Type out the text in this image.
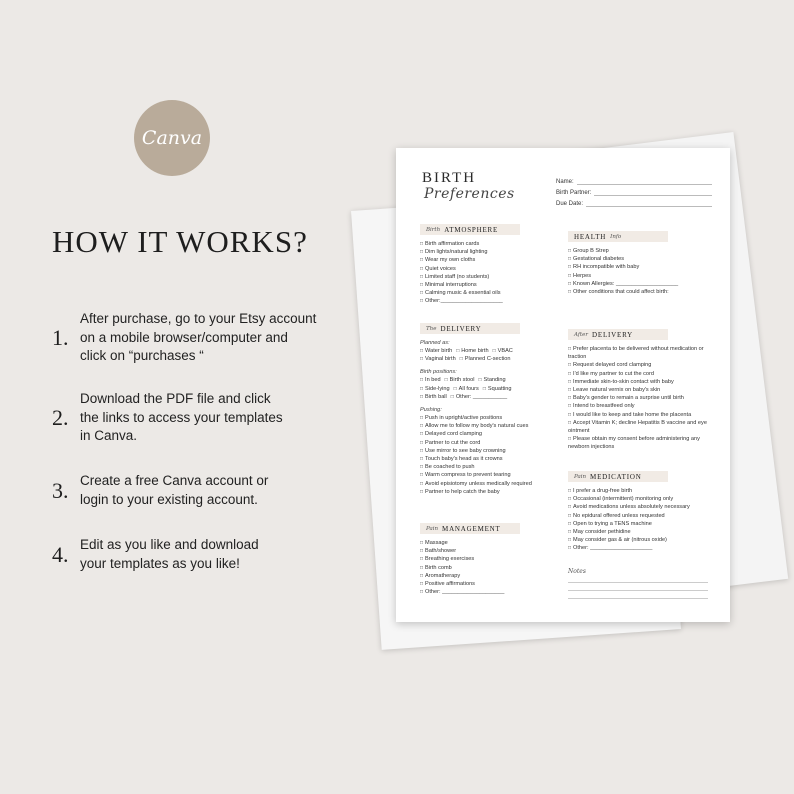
Canva
HOW IT WORKS?
1.
After purchase, go to your Etsy account
on a mobile browser/computer and
click on “purchases “
2.
Download the PDF file and click
the links to access your templates
in Canva.
3. Create a free Canva account or
login to your existing account.
4. Edit as you like and download
your templates as you like!
BIRTH
Preferences
Name:
Birth Partner:
Due Date:
Birth ATMOSPHERE
□ Birth affirmation cards
□ Dim lights/natural lighting
□ Wear my own cloths
□ Quiet voices
□ Limited staff (no students)
□ Minimal interruptions
□ Calming music & essential oils
□ Other:____________________
The DELIVERY
Planned as:
□ Water birth	□ Home birth	□ VBAC
□ Vaginal birth	□ Planned C-section
Birth positions:
□ In bed	□ Birth stool	□ Standing
□ Side-lying	□ All fours	□ Squatting
□ Birth ball	□ Other: ___________
Pushing:
□ Push in upright/active positions
□ Allow me to follow my body's natural cues
□ Delayed cord clamping
□ Partner to cut the cord
□ Use mirror to see baby crowning
□ Touch baby's head as it crowns
□ Be coached to push
□ Warm compress to prevent tearing
□ Avoid episiotomy unless medically required
□ Partner to help catch the baby
Pain MANAGEMENT
□ Massage
□ Bath/shower
□ Breathing exercises
□ Birth comb
□ Aromatherapy
□ Positive affirmations
□ Other: ____________________
HEALTH Info
□ Group B Strep
□ Gestational diabetes
□ RH incompatible with baby
□ Herpes
□ Known Allergies: ____________________
□ Other conditions that could affect birth:
After DELIVERY
□ Prefer placenta to be delivered without medication or traction
□ Request delayed cord clamping
□ I'd like my partner to cut the cord
□ Immediate skin-to-skin contact with baby
□ Leave natural vernix on baby's skin
□ Baby's gender to remain a surprise until birth
□ Intend to breastfeed only
□ I would like to keep and take home the placenta
□ Accept Vitamin K; decline Hepatitis B vaccine and eye ointment
□ Please obtain my consent before administering any newborn injections
Pain MEDICATION
□ I prefer a drug-free birth
□ Occasional (intermittent) monitoring only
□ Avoid medications unless absolutely necessary
□ No epidural offered unless requested
□ Open to trying a TENS machine
□ May consider pethidine
□ May consider gas & air (nitrous oxide)
□ Other: ____________________
Notes
